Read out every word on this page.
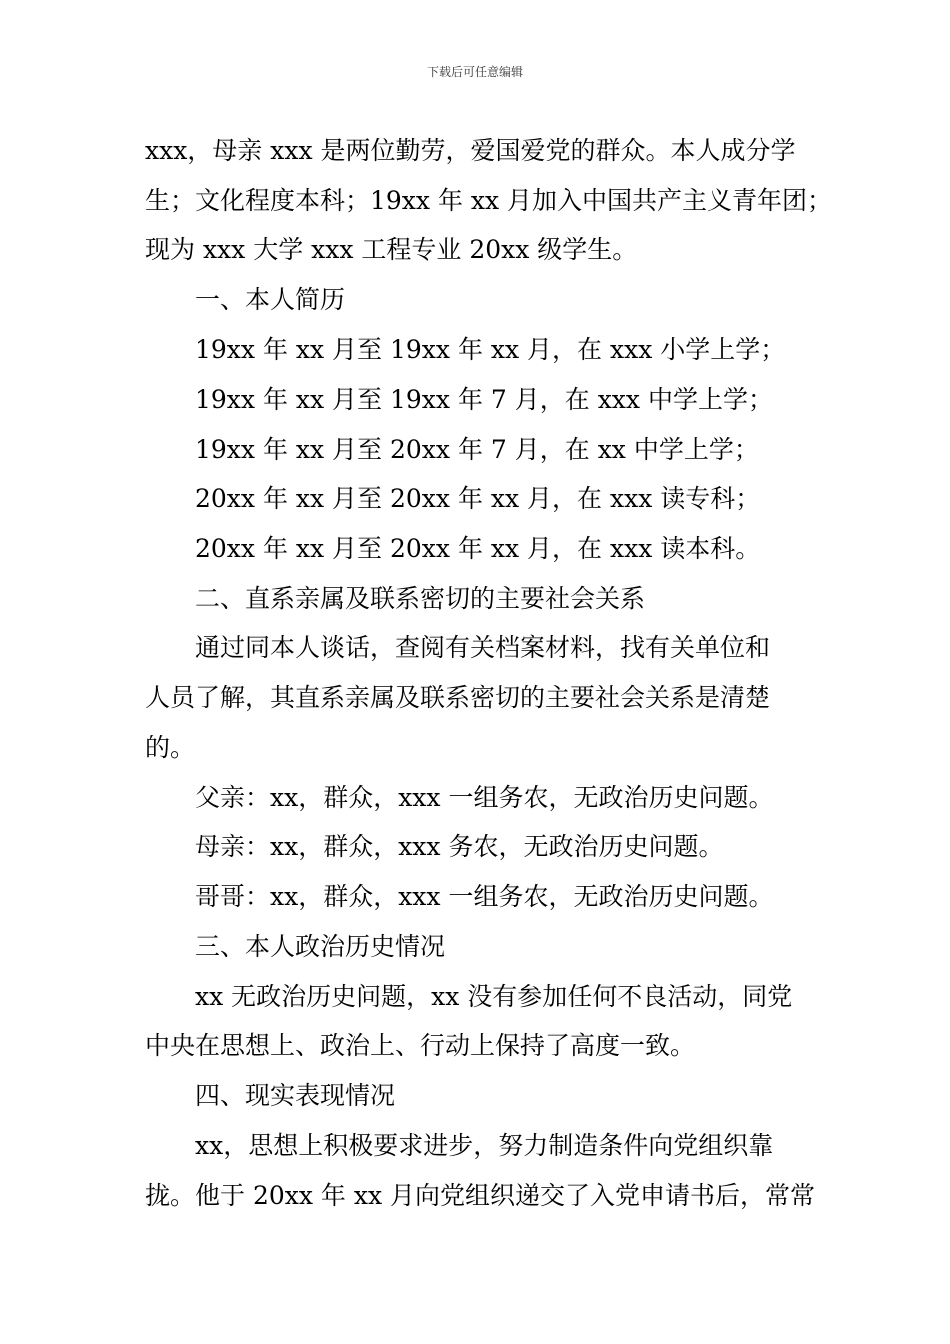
下载后可任意编辑
xxx，母亲 xxx 是两位勤劳，爱国爱党的群众。本人成分学
生；文化程度本科；19xx 年 xx 月加入中国共产主义青年团；
现为 xxx 大学 xxx 工程专业 20xx 级学生。
一、本人简历
19xx 年 xx 月至 19xx 年 xx 月，在 xxx 小学上学；
19xx 年 xx 月至 19xx 年 7 月，在 xxx 中学上学；
19xx 年 xx 月至 20xx 年 7 月，在 xx 中学上学；
20xx 年 xx 月至 20xx 年 xx 月，在 xxx 读专科；
20xx 年 xx 月至 20xx 年 xx 月，在 xxx 读本科。
二、直系亲属及联系密切的主要社会关系
通过同本人谈话，查阅有关档案材料，找有关单位和
人员了解，其直系亲属及联系密切的主要社会关系是清楚
的。
父亲：xx，群众，xxx 一组务农，无政治历史问题。
母亲：xx，群众，xxx 务农，无政治历史问题。
哥哥：xx，群众，xxx 一组务农，无政治历史问题。
三、本人政治历史情况
xx 无政治历史问题，xx 没有参加任何不良活动，同党
中央在思想上、政治上、行动上保持了高度一致。
四、现实表现情况
xx，思想上积极要求进步，努力制造条件向党组织靠
拢。他于 20xx 年 xx 月向党组织递交了入党申请书后，常常
